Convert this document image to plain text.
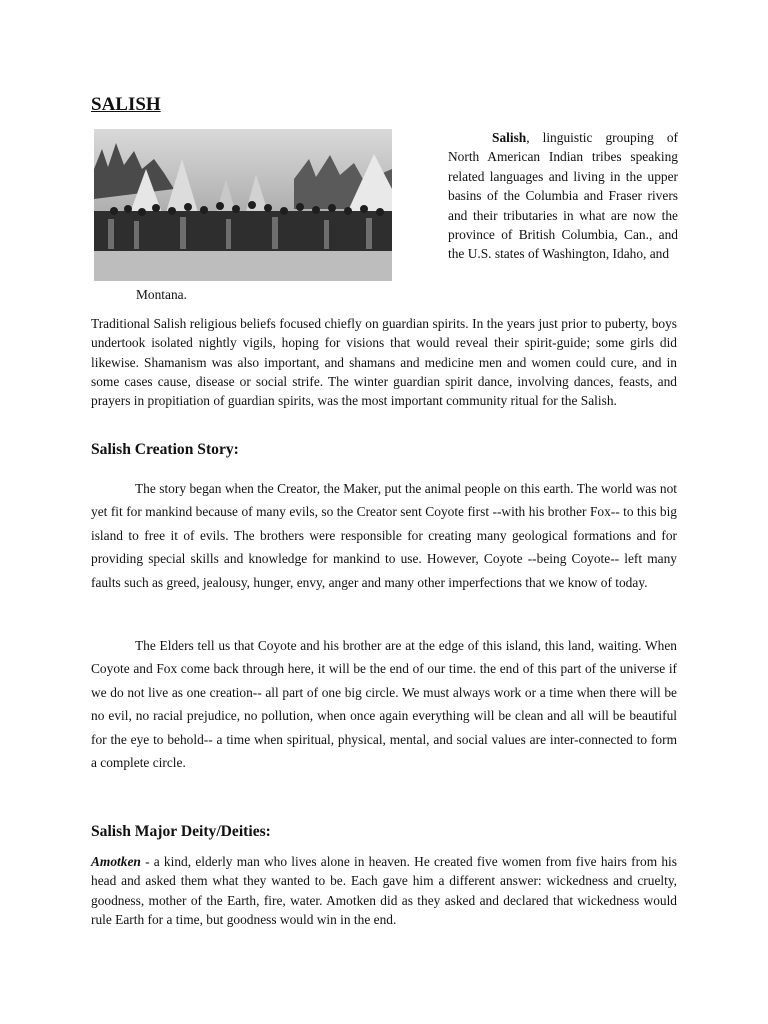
SALISH
Salish, linguistic grouping of North American Indian tribes speaking related languages and living in the upper basins of the Columbia and Fraser rivers and their tributaries in what are now the province of British Columbia, Can., and the U.S. states of Washington, Idaho, and
Montana.

Traditional Salish religious beliefs focused chiefly on guardian spirits. In the years just prior to puberty, boys undertook isolated nightly vigils, hoping for visions that would reveal their spirit-guide; some girls did likewise. Shamanism was also important, and shamans and medicine men and women could cure, and in some cases cause, disease or social strife. The winter guardian spirit dance, involving dances, feasts, and prayers in propitiation of guardian spirits, was the most important community ritual for the Salish.

Salish Creation Story:

The story began when the Creator, the Maker, put the animal people on this earth. The world was not yet fit for mankind because of many evils, so the Creator sent Coyote first --with his brother Fox-- to this big island to free it of evils. The brothers were responsible for creating many geological formations and for providing special skills and knowledge for mankind to use. However, Coyote --being Coyote-- left many faults such as greed, jealousy, hunger, envy, anger and many other imperfections that we know of today.

The Elders tell us that Coyote and his brother are at the edge of this island, this land, waiting. When Coyote and Fox come back through here, it will be the end of our time. the end of this part of the universe if we do not live as one creation-- all part of one big circle. We must always work or a time when there will be no evil, no racial prejudice, no pollution, when once again everything will be clean and all will be beautiful for the eye to behold-- a time when spiritual, physical, mental, and social values are inter-connected to form a complete circle.

Salish Major Deity/Deities:

Amotken - a kind, elderly man who lives alone in heaven. He created five women from five hairs from his head and asked them what they wanted to be. Each gave him a different answer: wickedness and cruelty, goodness, mother of the Earth, fire, water. Amotken did as they asked and declared that wickedness would rule Earth for a time, but goodness would win in the end.
